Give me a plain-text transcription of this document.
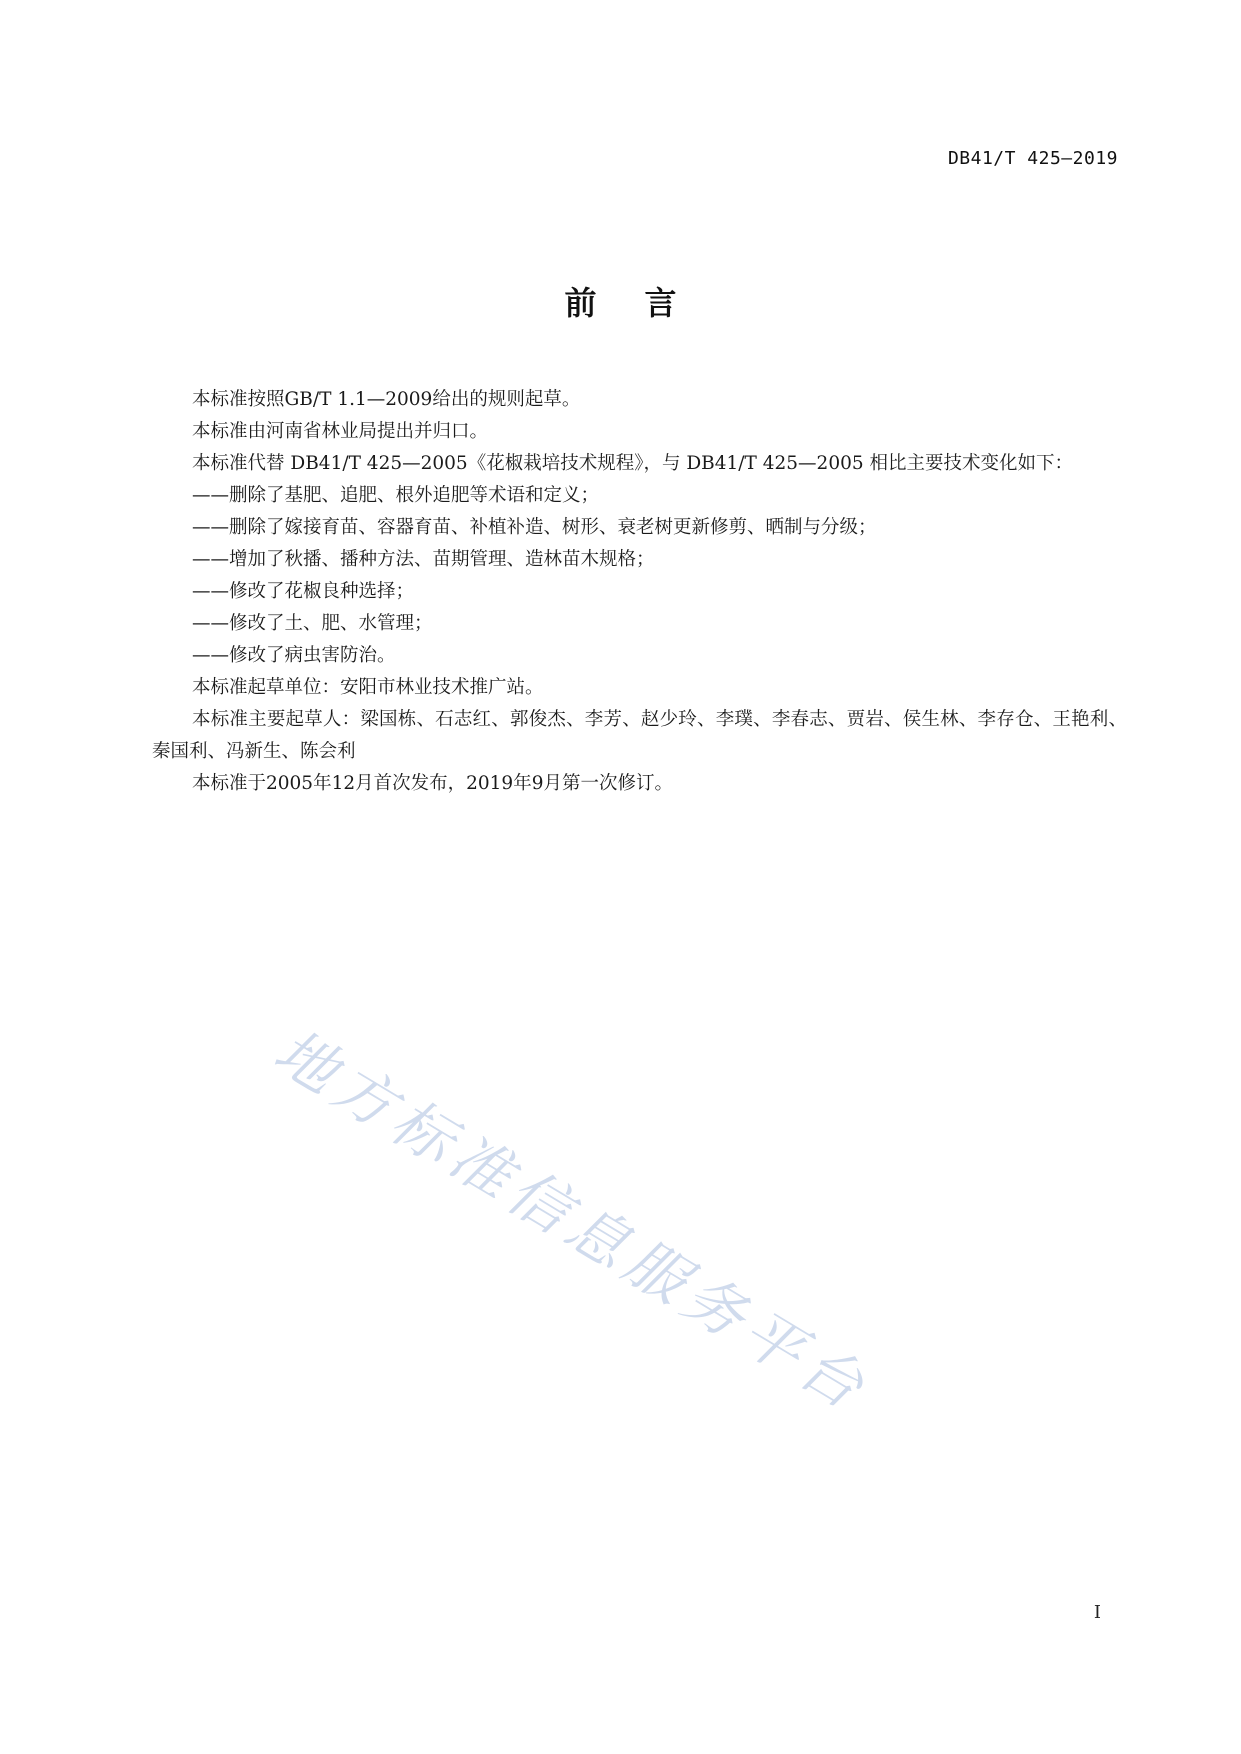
DB41/T 425—2019
前言

本标准按照GB/T 1.1—2009给出的规则起草。

本标准由河南省林业局提出并归口。

本标准代替 DB41/T 425—2005《花椒栽培技术规程》，与 DB41/T 425—2005 相比主要技术变化如下：

——删除了基肥、追肥、根外追肥等术语和定义；

——删除了嫁接育苗、容器育苗、补植补造、树形、衰老树更新修剪、晒制与分级；

——增加了秋播、播种方法、苗期管理、造林苗木规格；

——修改了花椒良种选择；

——修改了土、肥、水管理；

——修改了病虫害防治。

本标准起草单位：安阳市林业技术推广站。

本标准主要起草人：梁国栋、石志红、郭俊杰、李芳、赵少玲、李璞、李春志、贾岩、侯生林、李存仓、王艳利、秦国利、冯新生、陈会利

本标准于2005年12月首次发布，2019年9月第一次修订。

地方标准信息服务平台
I
